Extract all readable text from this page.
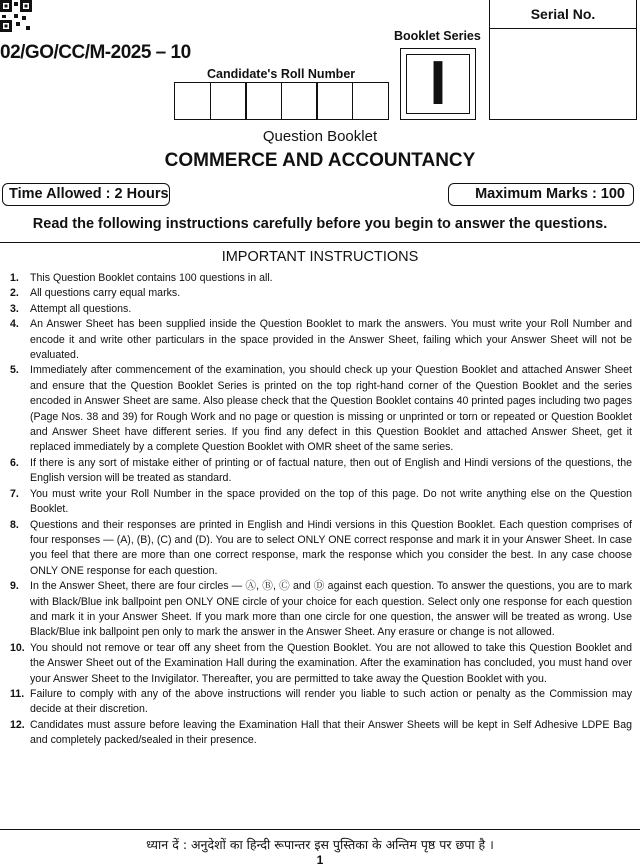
02/GO/CC/M-2025 – 10
Serial No.
Booklet Series
I
Candidate's Roll Number
Question Booklet
COMMERCE AND ACCOUNTANCY
Time Allowed : 2 Hours	Maximum Marks : 100
Read the following instructions carefully before you begin to answer the questions.
IMPORTANT INSTRUCTIONS
1.	This Question Booklet contains 100 questions in all.
2.	All questions carry equal marks.
3.	Attempt all questions.
4.	An Answer Sheet has been supplied inside the Question Booklet to mark the answers. You must write your Roll Number and encode it and write other particulars in the space provided in the Answer Sheet, failing which your Answer Sheet will not be evaluated.
5.	Immediately after commencement of the examination, you should check up your Question Booklet and attached Answer Sheet and ensure that the Question Booklet Series is printed on the top right-hand corner of the Question Booklet and the series encoded in Answer Sheet are same. Also please check that the Question Booklet contains 40 printed pages including two pages (Page Nos. 38 and 39) for Rough Work and no page or question is missing or unprinted or torn or repeated or Question Booklet and Answer Sheet have different series. If you find any defect in this Question Booklet and attached Answer Sheet, get it replaced immediately by a complete Question Booklet with OMR sheet of the same series.
6.	If there is any sort of mistake either of printing or of factual nature, then out of English and Hindi versions of the questions, the English version will be treated as standard.
7.	You must write your Roll Number in the space provided on the top of this page. Do not write anything else on the Question Booklet.
8.	Questions and their responses are printed in English and Hindi versions in this Question Booklet. Each question comprises of four responses — (A), (B), (C) and (D). You are to select ONLY ONE correct response and mark it in your Answer Sheet. In case you feel that there are more than one correct response, mark the response which you consider the best. In any case choose ONLY ONE response for each question.
9.	In the Answer Sheet, there are four circles — Ⓐ, Ⓑ, Ⓒ and Ⓓ against each question. To answer the questions, you are to mark with Black/Blue ink ballpoint pen ONLY ONE circle of your choice for each question. Select only one response for each question and mark it in your Answer Sheet. If you mark more than one circle for one question, the answer will be treated as wrong. Use Black/Blue ink ballpoint pen only to mark the answer in the Answer Sheet. Any erasure or change is not allowed.
10. You should not remove or tear off any sheet from the Question Booklet. You are not allowed to take this Question Booklet and the Answer Sheet out of the Examination Hall during the examination. After the examination has concluded, you must hand over your Answer Sheet to the Invigilator. Thereafter, you are permitted to take away the Question Booklet with you.
11. Failure to comply with any of the above instructions will render you liable to such action or penalty as the Commission may decide at their discretion.
12. Candidates must assure before leaving the Examination Hall that their Answer Sheets will be kept in Self Adhesive LDPE Bag and completely packed/sealed in their presence.
ध्यान दें : अनुदेशों का हिन्दी रूपान्तर इस पुस्तिका के अन्तिम पृष्ठ पर छपा है ।
1
